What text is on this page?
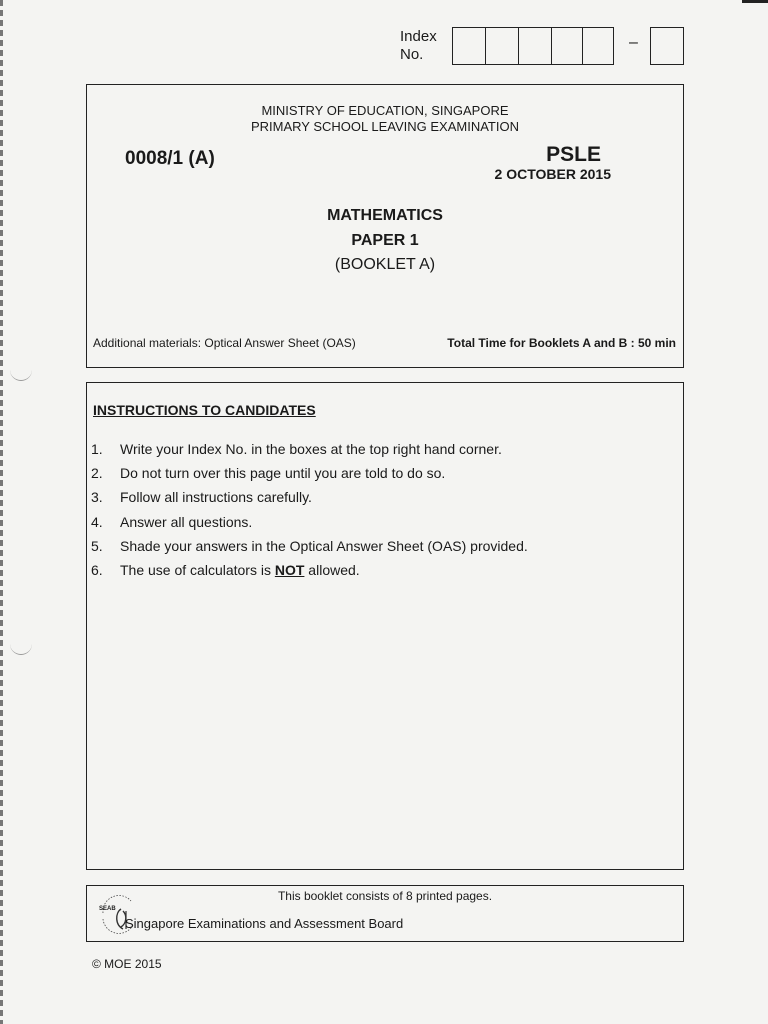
Index
No.
–
MINISTRY OF EDUCATION, SINGAPORE
PRIMARY SCHOOL LEAVING EXAMINATION
0008/1 (A)	PSLE
2 OCTOBER 2015
MATHEMATICS
PAPER 1
(BOOKLET A)
Additional materials: Optical Answer Sheet (OAS)	Total Time for Booklets A and B : 50 min
INSTRUCTIONS TO CANDIDATES
1.	Write your Index No. in the boxes at the top right hand corner.
2.	Do not turn over this page until you are told to do so.
3.	Follow all instructions carefully.
4.	Answer all questions.
5.	Shade your answers in the Optical Answer Sheet (OAS) provided.
6.	The use of calculators is NOT allowed.
This booklet consists of 8 printed pages.
SEAB
Singapore Examinations and Assessment Board
© MOE 2015
